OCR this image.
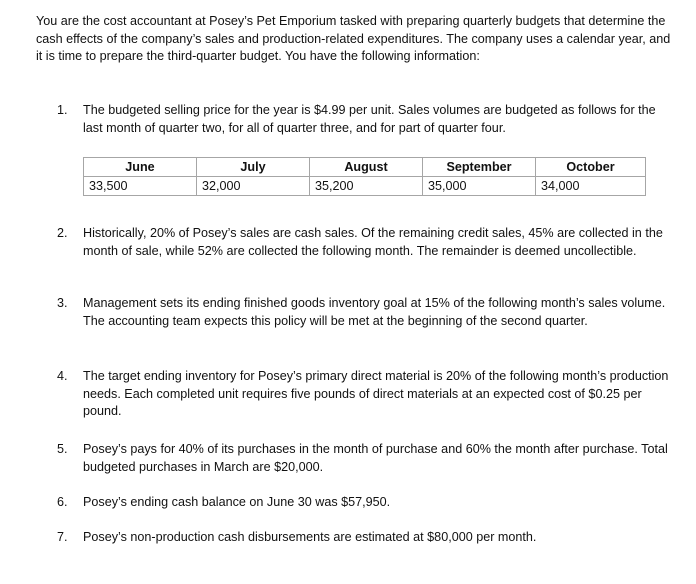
You are the cost accountant at Posey’s Pet Emporium tasked with preparing quarterly budgets that determine the cash effects of the company’s sales and production-related expenditures. The company uses a calendar year, and it is time to prepare the third-quarter budget. You have the following information:

1. The budgeted selling price for the year is $4.99 per unit. Sales volumes are budgeted as follows for the last month of quarter two, for all of quarter three, and for part of quarter four.

June	July	August	September	October
33,500	32,000	35,200	35,000	34,000
2. Historically, 20% of Posey’s sales are cash sales. Of the remaining credit sales, 45% are collected in the month of sale, while 52% are collected the following month. The remainder is deemed uncollectible.

3. Management sets its ending finished goods inventory goal at 15% of the following month’s sales volume. The accounting team expects this policy will be met at the beginning of the second quarter.

4. The target ending inventory for Posey’s primary direct material is 20% of the following month’s production needs. Each completed unit requires five pounds of direct materials at an expected cost of $0.25 per pound.

5. Posey’s pays for 40% of its purchases in the month of purchase and 60% the month after purchase. Total budgeted purchases in March are $20,000.

6. Posey’s ending cash balance on June 30 was $57,950.

7. Posey’s non-production cash disbursements are estimated at $80,000 per month.
